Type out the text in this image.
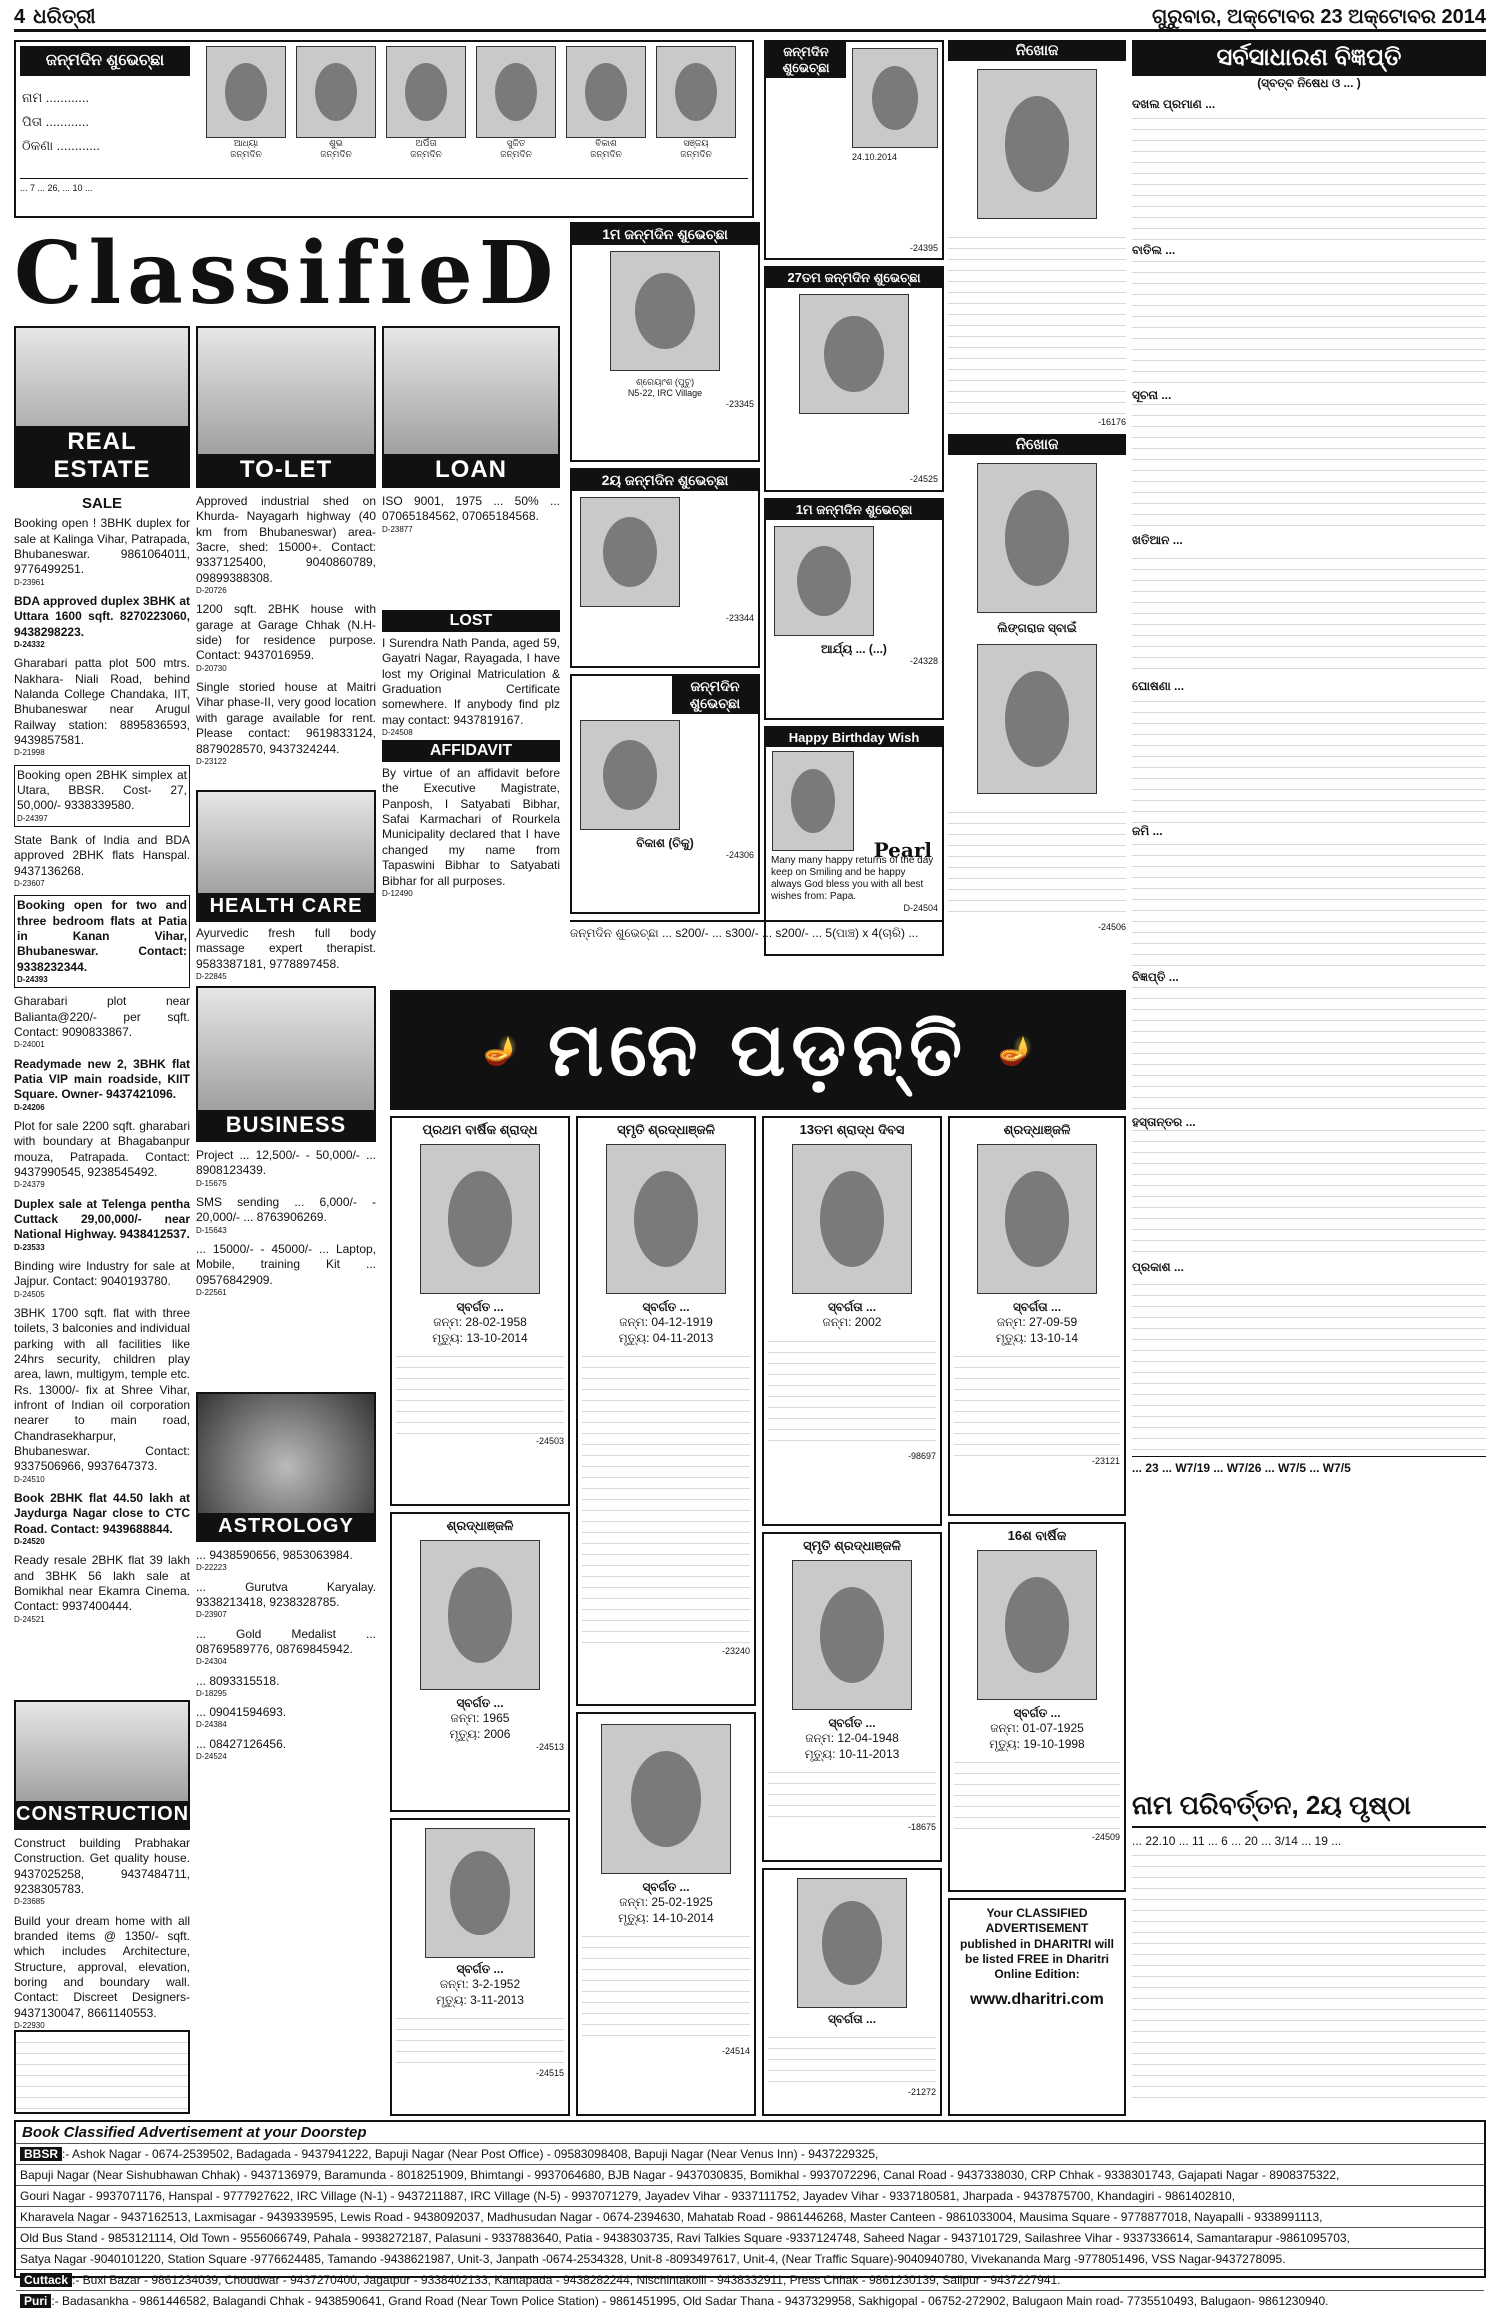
4 ଧରିତ୍ରୀ	ଗୁରୁବାର, ଅକ୍ଟୋବର 23 ଅକ୍ଟୋବର 2014
ଜନ୍ମଦିନ ଶୁଭେଚ୍ଛା
ନାମ ............
ପିତା ............
ଠିକଣା ............	ଆଧ୍ୟା
ଜନ୍ମଦିନ
ଶୁଭ
ଜନ୍ମଦିନ
ଅର୍ପିତା
ଜନ୍ମଦିନ
ସୁଜିତ
ଜନ୍ମଦିନ
ବିକାଶ
ଜନ୍ମଦିନ
ସଞ୍ଜୟ
ଜନ୍ମଦିନ
... 7 ... 26, ... 10 ...
ClassifieD
REAL ESTATE	TO-LET	LOAN
SALE

Booking open ! 3BHK duplex for sale at Kalinga Vihar, Patrapada, Bhubaneswar. 9861064011, 9776499251.
D-23961

BDA approved duplex 3BHK at Uttara 1600 sqft. 8270223060, 9438298223.
D-24332

Gharabari patta plot 500 mtrs. Nakhara- Niali Road, behind Nalanda College Chandaka, IIT, Bhubaneswar near Arugul Railway station: 8895836593, 9439857581.
D-21998

Booking open 2BHK simplex at Utara, BBSR. Cost- 27, 50,000/- 9338339580.
D-24397

State Bank of India and BDA approved 2BHK flats Hanspal. 9437136268.
D-23607

Booking open for two and three bedroom flats at Patia in Kanan Vihar, Bhubaneswar. Contact: 9338232344.
D-24393

Gharabari plot near Balianta@220/- per sqft. Contact: 9090833867.
D-24001

Readymade new 2, 3BHK flat Patia VIP main roadside, KIIT Square. Owner- 9437421096.
D-24206

Plot for sale 2200 sqft. gharabari with boundary at Bhagabanpur mouza, Patrapada. Contact: 9437990545, 9238545492.
D-24379

Duplex sale at Telenga pentha Cuttack 29,00,000/- near National Highway. 9438412537.
D-23533

Binding wire Industry for sale at Jajpur. Contact: 9040193780.
D-24505

3BHK 1700 sqft. flat with three toilets, 3 balconies and individual parking with all facilities like 24hrs security, children play area, lawn, multigym, temple etc. Rs. 13000/- fix at Shree Vihar, infront of Indian oil corporation nearer to main road, Chandrasekharpur, Bhubaneswar. Contact: 9337506966, 9937647373.
D-24510

Book 2BHK flat 44.50 lakh at Jaydurga Nagar close to CTC Road. Contact: 9439688844.
D-24520

Ready resale 2BHK flat 39 lakh and 3BHK 56 lakh sale at Bomikhal near Ekamra Cinema. Contact: 9937400444.
D-24521

CONSTRUCTION

Construct building Prabhakar Construction. Get quality house. 9437025258, 9437484711, 9238305783.
D-23685

Build your dream home with all branded items @ 1350/- sqft. which includes Architecture, Structure, approval, elevation, boring and boundary wall. Contact: Discreet Designers- 9437130047, 8661140553.
D-22930

Approved industrial shed on Khurda- Nayagarh highway (40 km from Bhubaneswar) area-3acre, shed: 15000+. Contact: 9337125400, 9040860789, 09899388308.
D-20726

1200 sqft. 2BHK house with garage at Garage Chhak (N.H-side) for residence purpose. Contact: 9437016959.
D-20730

Single storied house at Maitri Vihar phase-II, very good location with garage available for rent. Please contact: 9619833124, 8879028570, 9437324244.
D-23122

HEALTH CARE

Ayurvedic fresh full body massage expert therapist. 9583387181, 9778897458.
D-22845

BUSINESS

Project ... 12,500/- - 50,000/- ... 8908123439.
D-15675

SMS sending ... 6,000/- - 20,000/- ... 8763906269.
D-15643

... 15000/- - 45000/- ... Laptop, Mobile, training Kit ... 09576842909.
D-22561

ASTROLOGY

... 9438590656, 9853063984.
D-22223

... Gurutva Karyalay. 9338213418, 9238328785.
D-23907

... Gold Medalist ... 08769589776, 08769845942.
D-24304

... 8093315518.
D-18295

... 09041594693.
D-24384

... 08427126456.
D-24524

ISO 9001, 1975 ... 50% ... 07065184562, 07065184568.
D-23877

LOST

I Surendra Nath Panda, aged 59, Gayatri Nagar, Rayagada, I have lost my Original Matriculation & Graduation Certificate somewhere. If anybody find plz may contact: 9437819167.
D-24508

AFFIDAVIT

By virtue of an affidavit before the Executive Magistrate, Panposh, I Satyabati Bibhar, Safai Karmachari of Rourkela Municipality declared that I have changed my name from Tapaswini Bibhar to Satyabati Bibhar for all purposes.
D-12490

1ମ ଜନ୍ମଦିନ ଶୁଭେଚ୍ଛା
ଶ୍ରେୟାଂଶ (ପୁଚୁ)
N5-22, IRC Village
-23345
2ୟ ଜନ୍ମଦିନ ଶୁଭେଚ୍ଛା
-23344
ଜନ୍ମଦିନ ଶୁଭେଚ୍ଛା
ବିକାଶ (ଚିକୁ)
-24306
ଜନ୍ମଦିନ ଶୁଭେଚ୍ଛା
24.10.2014
-24395
27ତମ ଜନ୍ମଦିନ ଶୁଭେଚ୍ଛା
-24525
1ମ ଜନ୍ମଦିନ ଶୁଭେଚ୍ଛା
ଆର୍ଯ୍ୟ ... (...)
-24328
Happy Birthday Wish
Pearl
Many many happy returns of the day keep on Smiling and be happy always God bless you with all best wishes from: Papa.
D-24504
ଜନ୍ମଦିନ ଶୁଭେଚ୍ଛା ... s200/- ... s300/- ... s200/- ... 5(ପାଞ୍ଚ) x 4(ଚାରି) ...
ନିଖୋଜ
-16176
ନିଖୋଜ
ଲିଙ୍ଗରାଜ ସ୍ବାଇଁ
-24506
ସର୍ବସାଧାରଣ ବିଜ୍ଞପ୍ତି
(ସ୍ବତ୍ବ ନିଷେଧ ଓ ... )
ଦଖଲ ପ୍ରମାଣ ...
ବାତିଲ ...
ସୂଚନା ...
ଖତିଆନ ...
ଘୋଷଣା ...
ଜମି ...
ବିଜ୍ଞପ୍ତି ...
ହସ୍ତାନ୍ତର ...
ପ୍ରକାଶ ...
... 23 ... W7/19 ... W7/26 ... W7/5 ... W7/5
ନାମ ପରିବର୍ତ୍ତନ, 2ୟ ପୃଷ୍ଠା
... 22.10 ... 11 ... 6 ... 20 ... 3/14 ... 19 ...
🪔 ମନେ ପଡ଼ନ୍ତି 🪔
ପ୍ରଥମ ବାର୍ଷିକ ଶ୍ରାଦ୍ଧ
ସ୍ବର୍ଗତ ...
ଜନ୍ମ: 28-02-1958
ମୃତ୍ୟୁ: 13-10-2014
-24503
ସ୍ମୃତି ଶ୍ରଦ୍ଧାଞ୍ଜଳି
ସ୍ବର୍ଗତ ...
ଜନ୍ମ: 04-12-1919
ମୃତ୍ୟୁ: 04-11-2013
-23240
13ତମ ଶ୍ରାଦ୍ଧ ଦିବସ
ସ୍ବର୍ଗତା ...
ଜନ୍ମ: 2002
-98697
ଶ୍ରଦ୍ଧାଞ୍ଜଳି
ସ୍ବର୍ଗତା ...
ଜନ୍ମ: 27-09-59
ମୃତ୍ୟୁ: 13-10-14
-23121
ଶ୍ରଦ୍ଧାଞ୍ଜଳି
ସ୍ବର୍ଗତ ...
ଜନ୍ମ: 1965
ମୃତ୍ୟୁ: 2006
-24513
ସ୍ମୃତି ଶ୍ରଦ୍ଧାଞ୍ଜଳି
ସ୍ବର୍ଗତ ...
ଜନ୍ମ: 12-04-1948
ମୃତ୍ୟୁ: 10-11-2013
-18675
ସ୍ବର୍ଗତ ...
ଜନ୍ମ: 25-02-1925
ମୃତ୍ୟୁ: 14-10-2014
-24514
16ଶ ବାର୍ଷିକ
ସ୍ବର୍ଗତ ...
ଜନ୍ମ: 01-07-1925
ମୃତ୍ୟୁ: 19-10-1998
-24509
ସ୍ବର୍ଗତ ...
ଜନ୍ମ: 3-2-1952
ମୃତ୍ୟୁ: 3-11-2013
-24515
ସ୍ବର୍ଗତା ...
-21272
Your CLASSIFIED ADVERTISEMENT published in DHARITRI will be listed FREE in Dharitri Online Edition:
www.dharitri.com
Book Classified Advertisement at your Doorstep
BBSR :- Ashok Nagar - 0674-2539502, Badagada - 9437941222, Bapuji Nagar (Near Post Office) - 09583098408, Bapuji Nagar (Near Venus Inn) - 9437229325,
Bapuji Nagar (Near Sishubhawan Chhak) - 9437136979, Baramunda - 8018251909, Bhimtangi - 9937064680, BJB Nagar - 9437030835, Bomikhal - 9937072296, Canal Road - 9437338030, CRP Chhak - 9338301743, Gajapati Nagar - 8908375322,
Gouri Nagar - 9937071176, Hanspal - 9777927622, IRC Village (N-1) - 9437211887, IRC Village (N-5) - 9937071279, Jayadev Vihar - 9337111752, Jayadev Vihar - 9337180581, Jharpada - 9437875700, Khandagiri - 9861402810,
Kharavela Nagar - 9437162513, Laxmisagar - 9439339595, Lewis Road - 9438092037, Madhusudan Nagar - 0674-2394630, Mahatab Road - 9861446268, Master Canteen - 9861033004, Mausima Square - 9778877018, Nayapalli - 9338991113,
Old Bus Stand - 9853121114, Old Town - 9556066749, Pahala - 9938272187, Palasuni - 9337883640, Patia - 9438303735, Ravi Talkies Square -9337124748, Saheed Nagar - 9437101729, Sailashree Vihar - 9337336614, Samantarapur -9861095703,
Satya Nagar -9040101220, Station Square -9776624485, Tamando -9438621987, Unit-3, Janpath -0674-2534328, Unit-8 -8093497617, Unit-4, (Near Traffic Square)-9040940780, Vivekananda Marg -9778051496, VSS Nagar-9437278095.
Cuttack :- Buxi Bazar - 9861234039, Choudwar - 9437270400, Jagatpur - 9338402133, Kantapada - 9438282244, Nischintakoili - 9438332911, Press Chhak - 9861230139, Salipur - 9437227941.
Puri :- Badasankha - 9861446582, Balagandi Chhak - 9438590641, Grand Road (Near Town Police Station) - 9861451995, Old Sadar Thana - 9437329958, Sakhigopal - 06752-272902, Balugaon Main road- 7735510493, Balugaon- 9861230940.
